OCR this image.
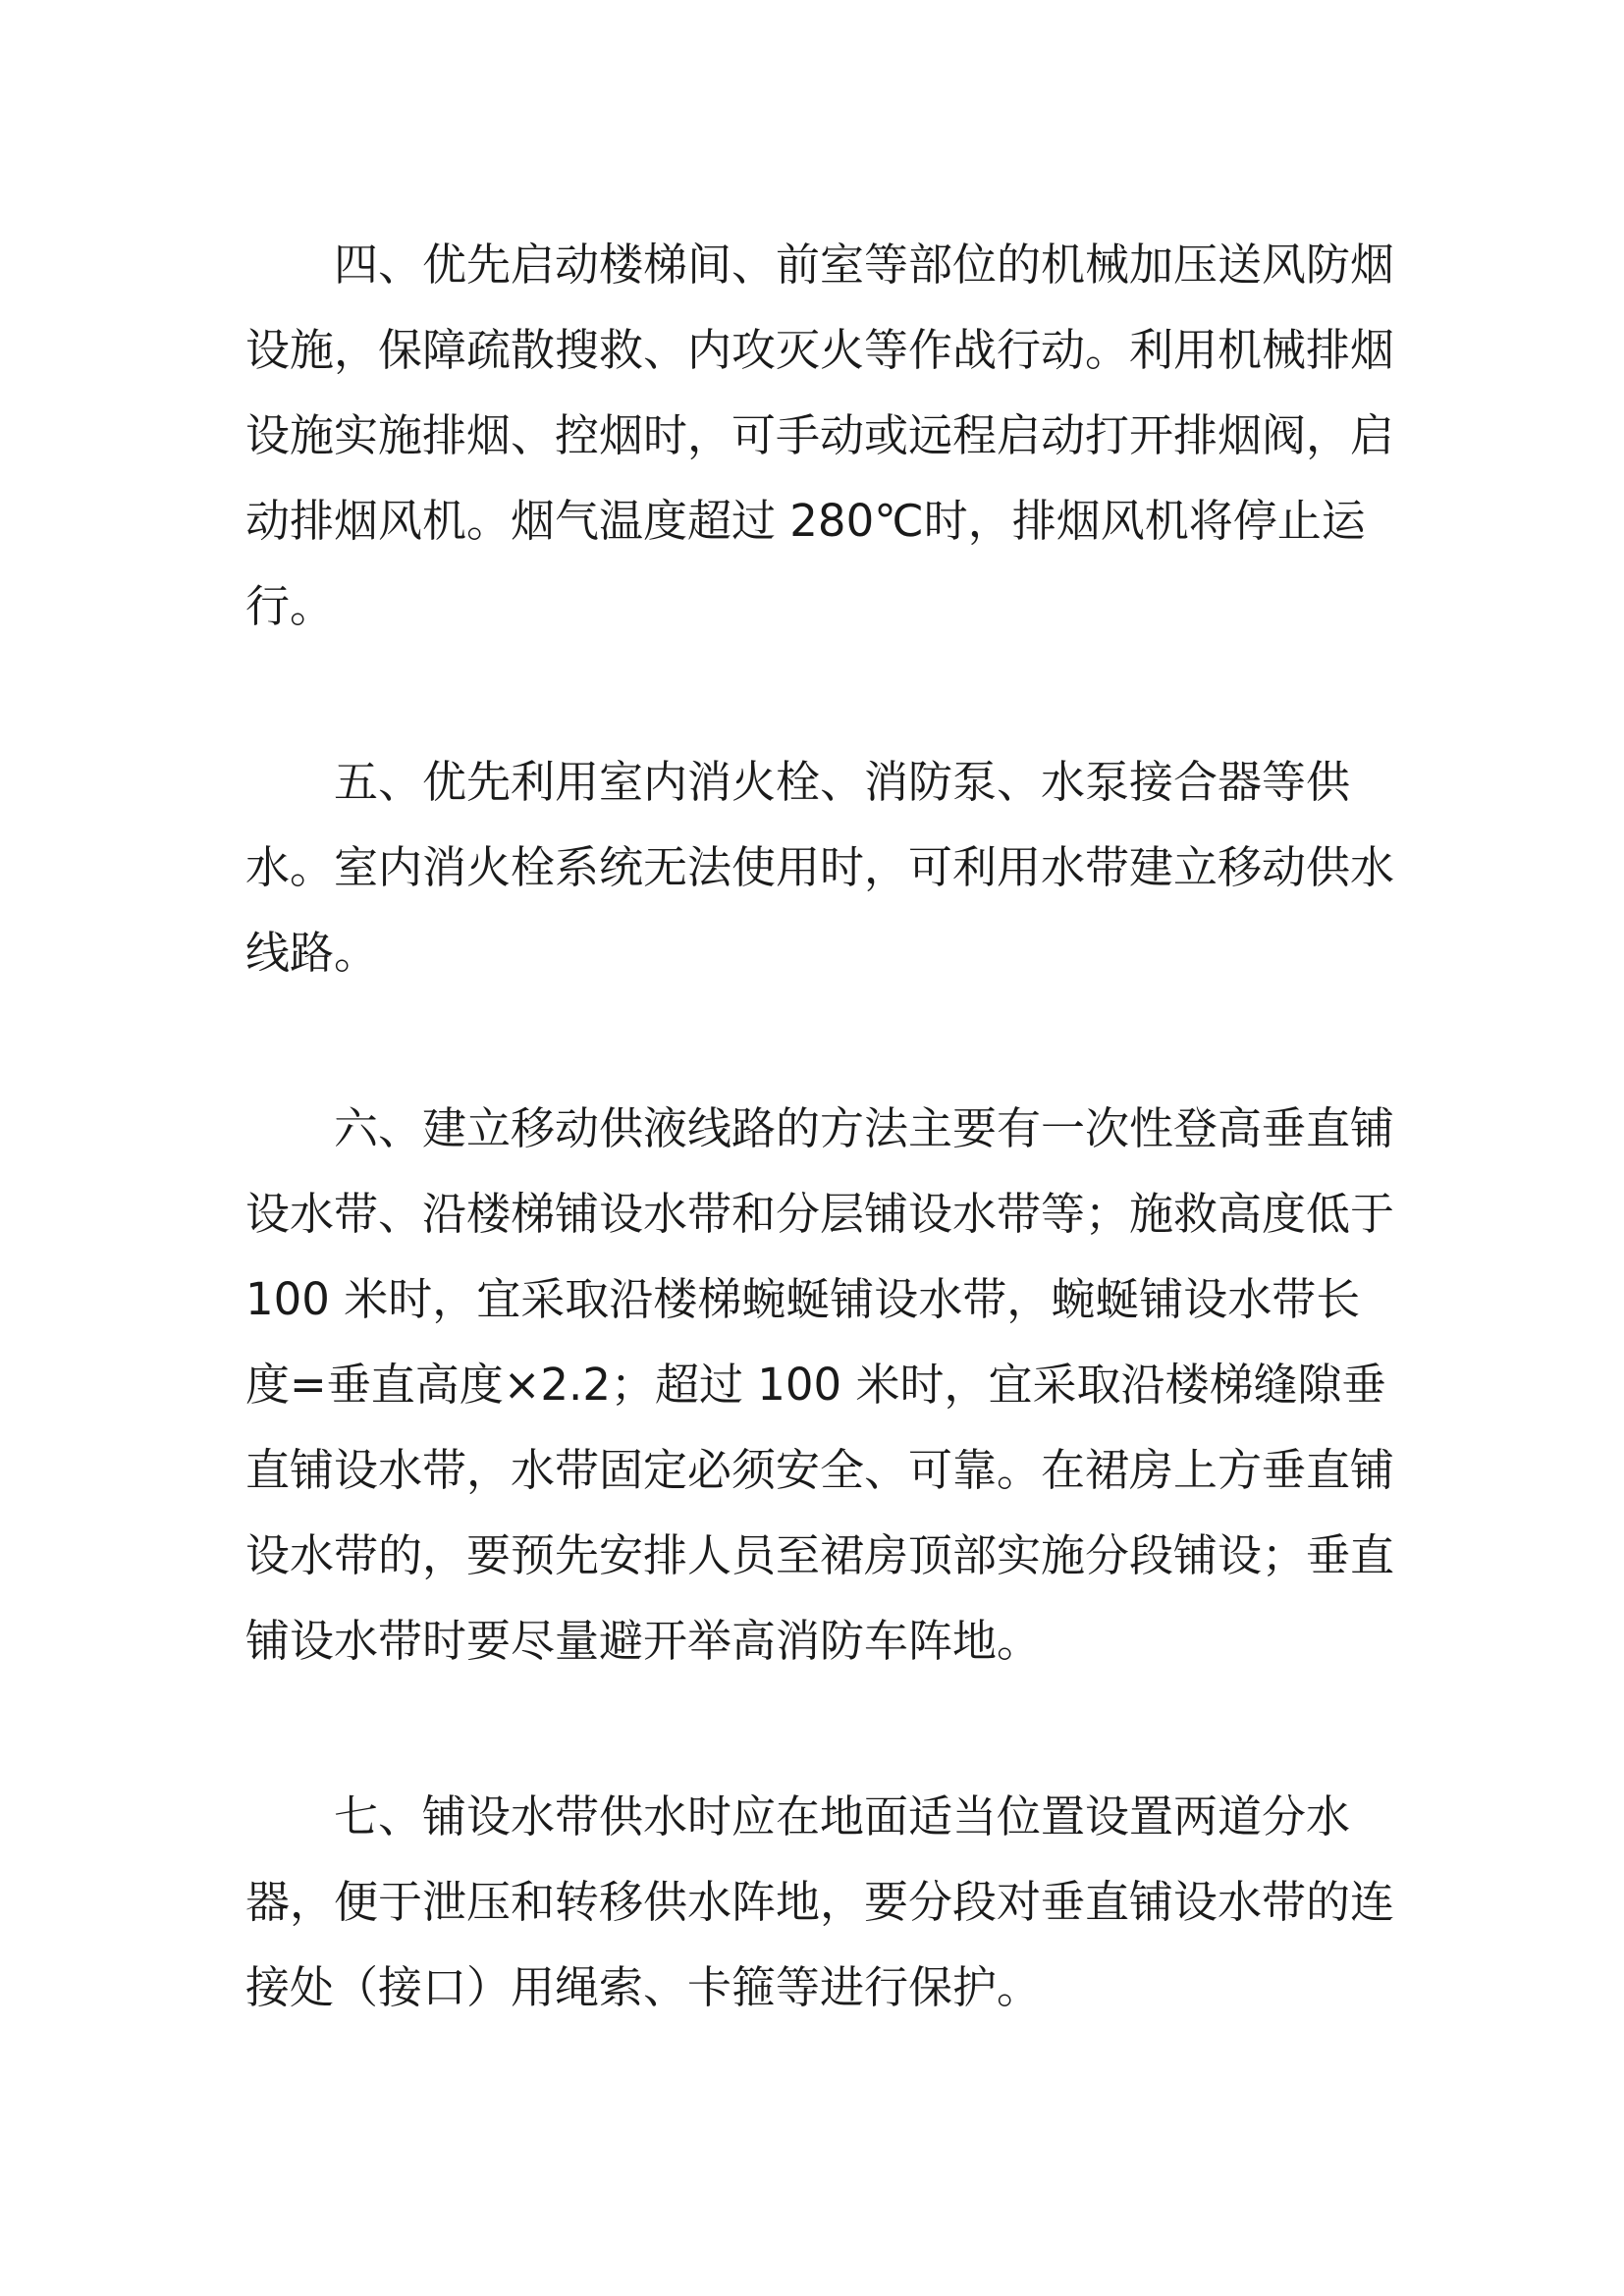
四、优先启动楼梯间、前室等部位的机械加压送风防烟设施，保障疏散搜救、内攻灭火等作战行动。利用机械排烟设施实施排烟、控烟时，可手动或远程启动打开排烟阀，启动排烟风机。烟气温度超过 280℃时，排烟风机将停止运行。

五、优先利用室内消火栓、消防泵、水泵接合器等供水。室内消火栓系统无法使用时，可利用水带建立移动供水线路。

六、建立移动供液线路的方法主要有一次性登高垂直铺设水带、沿楼梯铺设水带和分层铺设水带等；施救高度低于 100 米时，宜采取沿楼梯蜿蜒铺设水带，蜿蜒铺设水带长度=垂直高度×2.2；超过 100 米时，宜采取沿楼梯缝隙垂直铺设水带，水带固定必须安全、可靠。在裙房上方垂直铺设水带的，要预先安排人员至裙房顶部实施分段铺设；垂直铺设水带时要尽量避开举高消防车阵地。

七、铺设水带供水时应在地面适当位置设置两道分水器，便于泄压和转移供水阵地，要分段对垂直铺设水带的连接处（接口）用绳索、卡箍等进行保护。
